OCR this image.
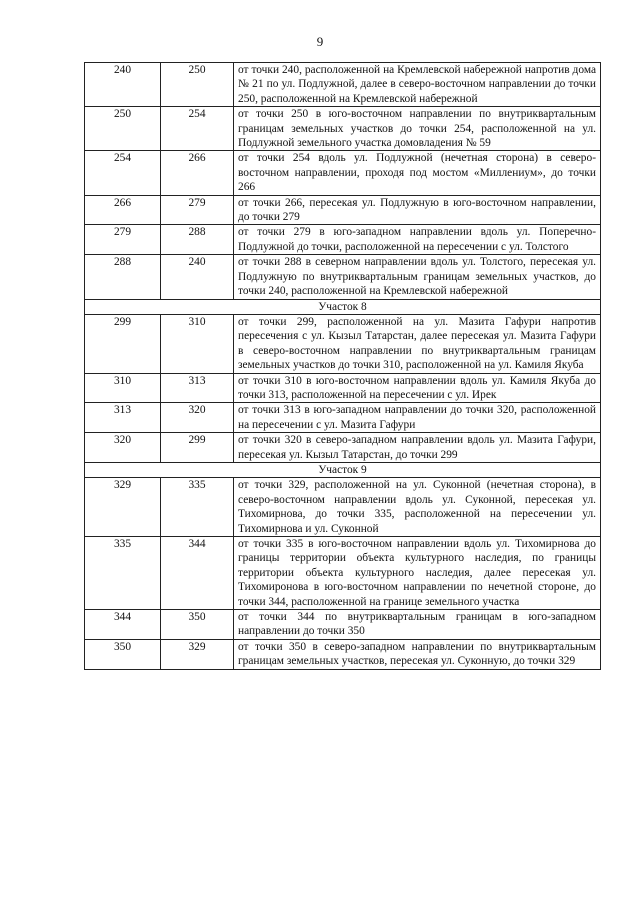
9
240	250	от точки 240, расположенной на Кремлевской набережной напротив дома № 21 по ул. Подлужной, далее в северо-восточном направлении до точки 250, расположенной на Кремлевской набережной
250	254	от точки 250 в юго-восточном направлении по внутриквартальным границам земельных участков до точки 254, расположенной на ул. Подлужной земельного участка домовладения № 59
254	266	от точки 254 вдоль ул. Подлужной (нечетная сторона) в северо-восточном направлении, проходя под мостом «Миллениум», до точки 266
266	279	от точки 266, пересекая ул. Подлужную в юго-восточном направлении, до точки 279
279	288	от точки 279 в юго-западном направлении вдоль ул. Поперечно-Подлужной до точки, расположенной на пересечении с ул. Толстого
288	240	от точки 288 в северном направлении вдоль ул. Толстого, пересекая ул. Подлужную по внутриквартальным границам земельных участков, до точки 240, расположенной на Кремлевской набережной
Участок 8		
299	310	от точки 299, расположенной на ул. Мазита Гафури напротив пересечения с ул. Кызыл Татарстан, далее пересекая ул. Мазита Гафури в северо-восточном направлении по внутриквартальным границам земельных участков до точки 310, расположенной на ул. Камиля Якуба
310	313	от точки 310 в юго-восточном направлении вдоль ул. Камиля Якуба до точки 313, расположенной на пересечении с ул. Ирек
313	320	от точки 313 в юго-западном направлении до точки 320, расположенной на пересечении с ул. Мазита Гафури
320	299	от точки 320 в северо-западном направлении вдоль ул. Мазита Гафури, пересекая ул. Кызыл Татарстан, до точки 299
Участок 9		
329	335	от точки 329, расположенной на ул. Суконной (нечетная сторона), в северо-восточном направлении вдоль ул. Суконной, пересекая ул. Тихомирнова, до точки 335, расположенной на пересечении ул. Тихомирнова и ул. Суконной
335	344	от точки 335 в юго-восточном направлении вдоль ул. Тихомирнова до границы территории объекта культурного наследия, по границы территории объекта культурного наследия, далее пересекая ул. Тихомиронова в юго-восточном направлении по нечетной стороне, до точки 344, расположенной на границе земельного участка
344	350	от точки 344 по внутриквартальным границам в юго-западном направлении до точки 350
350	329	от точки 350 в северо-западном направлении по внутриквартальным границам земельных участков, пересекая ул. Суконную, до точки 329
